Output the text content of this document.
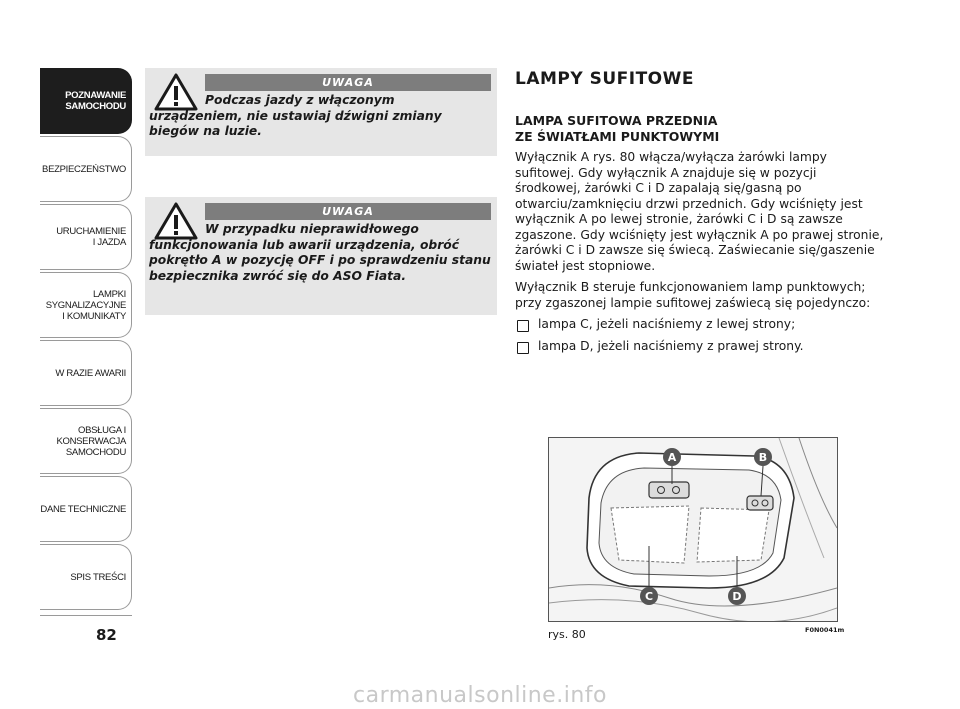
POZNAWANIE
SAMOCHODU
BEZPIECZEŃSTWO
URUCHAMIENIE
I JAZDA
LAMPKI
SYGNALIZACYJNE
I KOMUNIKATY
W RAZIE AWARII
OBSŁUGA I
KONSERWACJA
SAMOCHODU
DANE TECHNICZNE
SPIS TREŚCI
82
UWAGA
Podczas jazdy z włączonym urządzeniem, nie ustawiaj dźwigni zmiany biegów na luzie.
UWAGA
W przypadku nieprawidłowego funkcjonowania lub awarii urządzenia, obróć pokrętło A w pozycję OFF i po sprawdzeniu stanu bezpiecznika zwróć się do ASO Fiata.
LAMPY SUFITOWE
LAMPA SUFITOWA PRZEDNIA
ZE ŚWIATŁAMI PUNKTOWYMI

Wyłącznik A rys. 80 włącza/wyłącza żarówki lampy sufitowej. Gdy wyłącznik A znajduje się w pozycji środkowej, żarówki C i D zapalają się/gasną po otwarciu/zamknięciu drzwi przednich. Gdy wciśnięty jest wyłącznik A po lewej stronie, żarówki C i D są zawsze zgaszone. Gdy wciśnięty jest wyłącznik A po prawej stronie, żarówki C i D zawsze się świecą. Zaświecanie się/gaszenie świateł jest stopniowe.

Wyłącznik B steruje funkcjonowaniem lamp punktowych; przy zgaszonej lampie sufitowej zaświecą się pojedynczo:

lampa C, jeżeli naciśniemy z lewej strony;
lampa D, jeżeli naciśniemy z prawej strony.
A	B
C	D
rys. 80	F0N0041m
carmanualsonline.info
